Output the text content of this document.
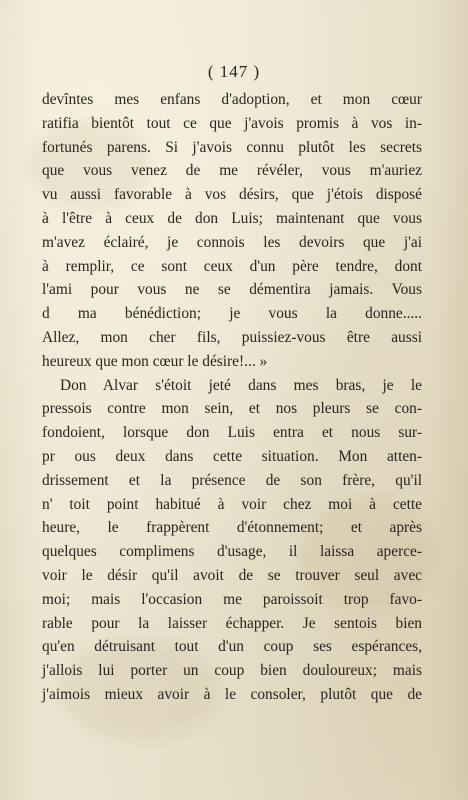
( 147 )
devîntes mes enfans d'adoption, et mon cœur
ratifia bientôt tout ce que j'avois promis à vos in-
fortunés parens. Si j'avois connu plutôt les secrets
que vous venez de me révéler, vous m'auriez
vu aussi favorable à vos désirs, que j'étois disposé
à l'être à ceux de don Luis; maintenant que vous
m'avez éclairé, je connois les devoirs que j'ai
à remplir, ce sont ceux d'un père tendre, dont
l'ami pour vous ne se démentira jamais. Vous
d ma bénédiction; je vous la donne.....
Allez, mon cher fils, puissiez-vous être aussi
heureux que mon cœur le désire!... »
Don Alvar s'étoit jeté dans mes bras, je le
pressois contre mon sein, et nos pleurs se con-
fondoient, lorsque don Luis entra et nous sur-
pr ous deux dans cette situation. Mon atten-
drissement et la présence de son frère, qu'il
n' toit point habitué à voir chez moi à cette
heure, le frappèrent d'étonnement; et après
quelques complimens d'usage, il laissa aperce-
voir le désir qu'il avoit de se trouver seul avec
moi; mais l'occasion me paroissoit trop favo-
rable pour la laisser échapper. Je sentois bien
qu'en détruisant tout d'un coup ses espérances,
j'allois lui porter un coup bien douloureux; mais
j'aimois mieux avoir à le consoler, plutôt que de
